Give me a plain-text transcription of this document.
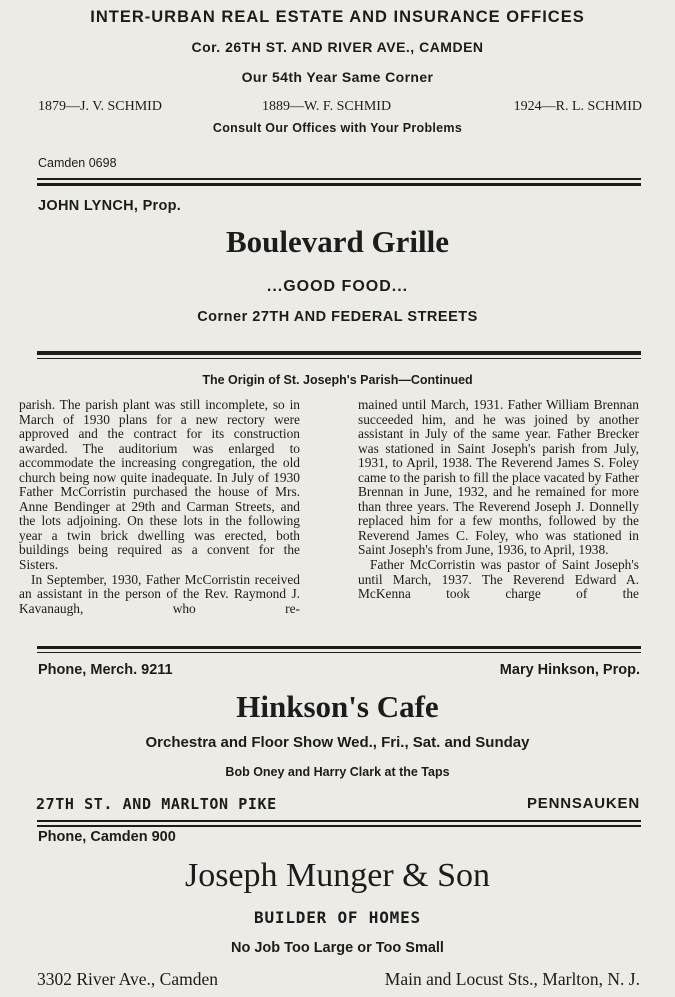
INTER-URBAN REAL ESTATE AND INSURANCE OFFICES
Cor. 26TH ST. AND RIVER AVE., CAMDEN
Our 54th Year Same Corner
1879—J. V. SCHMID	1889—W. F. SCHMID	1924—R. L. SCHMID
Consult Our Offices with Your Problems
Camden 0698
JOHN LYNCH, Prop.
Boulevard Grille
...GOOD FOOD...
Corner 27TH AND FEDERAL STREETS
The Origin of St. Joseph's Parish—Continued

parish. The parish plant was still incomplete, so in March of 1930 plans for a new rectory were approved and the contract for its construction awarded. The auditorium was enlarged to accommodate the increasing congregation, the old church being now quite inadequate. In July of 1930 Father McCorristin purchased the house of Mrs. Anne Bendinger at 29th and Carman Streets, and the lots adjoining. On these lots in the following year a twin brick dwelling was erected, both buildings being required as a convent for the Sisters.

In September, 1930, Father McCorristin received an assistant in the person of the Rev. Raymond J. Kavanaugh, who re-

mained until March, 1931. Father William Brennan succeeded him, and he was joined by another assistant in July of the same year. Father Brecker was stationed in Saint Joseph's parish from July, 1931, to April, 1938. The Reverend James S. Foley came to the parish to fill the place vacated by Father Brennan in June, 1932, and he remained for more than three years. The Reverend Joseph J. Donnelly replaced him for a few months, followed by the Reverend James C. Foley, who was stationed in Saint Joseph's from June, 1936, to April, 1938.

Father McCorristin was pastor of Saint Joseph's until March, 1937. The Reverend Edward A. McKenna took charge of the

Phone, Merch. 9211	Mary Hinkson, Prop.
Hinkson's Cafe
Orchestra and Floor Show Wed., Fri., Sat. and Sunday
Bob Oney and Harry Clark at the Taps
27TH ST. AND MARLTON PIKE	PENNSAUKEN
Phone, Camden 900
Joseph Munger & Son
BUILDER OF HOMES
No Job Too Large or Too Small
3302 River Ave., Camden	Main and Locust Sts., Marlton, N. J.
